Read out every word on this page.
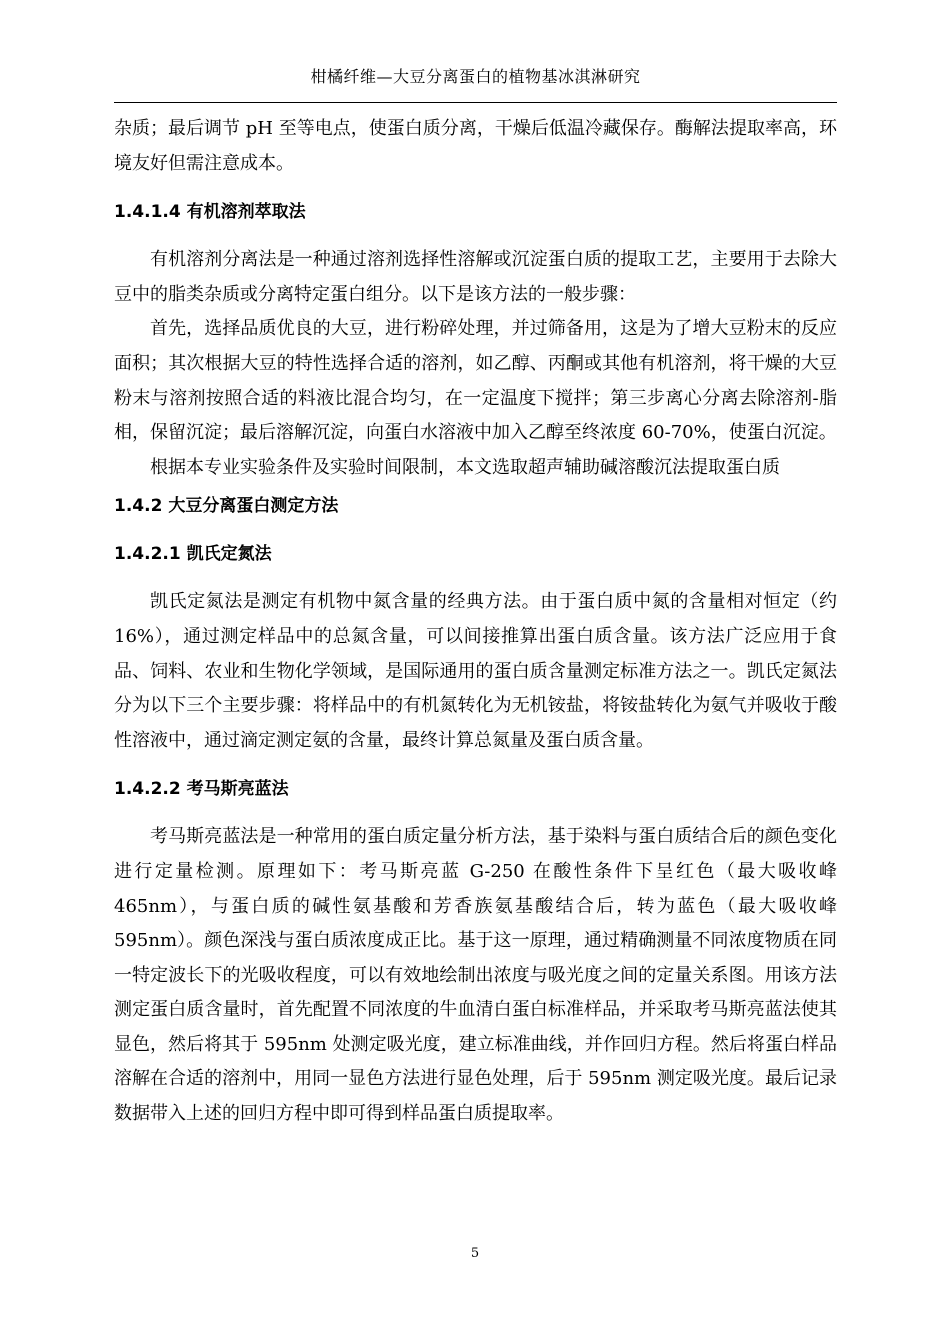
柑橘纤维—大豆分离蛋白的植物基冰淇淋研究

杂质；最后调节 pH 至等电点，使蛋白质分离，干燥后低温冷藏保存。酶解法提取率高，环境友好但需注意成本。

1.4.1.4 有机溶剂萃取法

有机溶剂分离法是一种通过溶剂选择性溶解或沉淀蛋白质的提取工艺，主要用于去除大豆中的脂类杂质或分离特定蛋白组分。以下是该方法的一般步骤：

首先，选择品质优良的大豆，进行粉碎处理，并过筛备用，这是为了增大豆粉末的反应面积；其次根据大豆的特性选择合适的溶剂，如乙醇、丙酮或其他有机溶剂，将干燥的大豆粉末与溶剂按照合适的料液比混合均匀，在一定温度下搅拌；第三步离心分离去除溶剂-脂相，保留沉淀；最后溶解沉淀，向蛋白水溶液中加入乙醇至终浓度 60-70%，使蛋白沉淀。

根据本专业实验条件及实验时间限制，本文选取超声辅助碱溶酸沉法提取蛋白质

1.4.2 大豆分离蛋白测定方法
1.4.2.1 凯氏定氮法

凯氏定氮法是测定有机物中氮含量的经典方法。由于蛋白质中氮的含量相对恒定（约 16%），通过测定样品中的总氮含量，可以间接推算出蛋白质含量。该方法广泛应用于食品、饲料、农业和生物化学领域，是国际通用的蛋白质含量测定标准方法之一。凯氏定氮法分为以下三个主要步骤：将样品中的有机氮转化为无机铵盐，将铵盐转化为氨气并吸收于酸性溶液中，通过滴定测定氨的含量，最终计算总氮量及蛋白质含量。

1.4.2.2 考马斯亮蓝法

考马斯亮蓝法是一种常用的蛋白质定量分析方法，基于染料与蛋白质结合后的颜色变化进行定量检测。原理如下：考马斯亮蓝 G-250 在酸性条件下呈红色（最大吸收峰 465nm），与蛋白质的碱性氨基酸和芳香族氨基酸结合后，转为蓝色（最大吸收峰 595nm）。颜色深浅与蛋白质浓度成正比。基于这一原理，通过精确测量不同浓度物质在同一特定波长下的光吸收程度，可以有效地绘制出浓度与吸光度之间的定量关系图。用该方法测定蛋白质含量时，首先配置不同浓度的牛血清白蛋白标准样品，并采取考马斯亮蓝法使其显色，然后将其于 595nm 处测定吸光度，建立标准曲线，并作回归方程。然后将蛋白样品溶解在合适的溶剂中，用同一显色方法进行显色处理，后于 595nm 测定吸光度。最后记录数据带入上述的回归方程中即可得到样品蛋白质提取率。

5
